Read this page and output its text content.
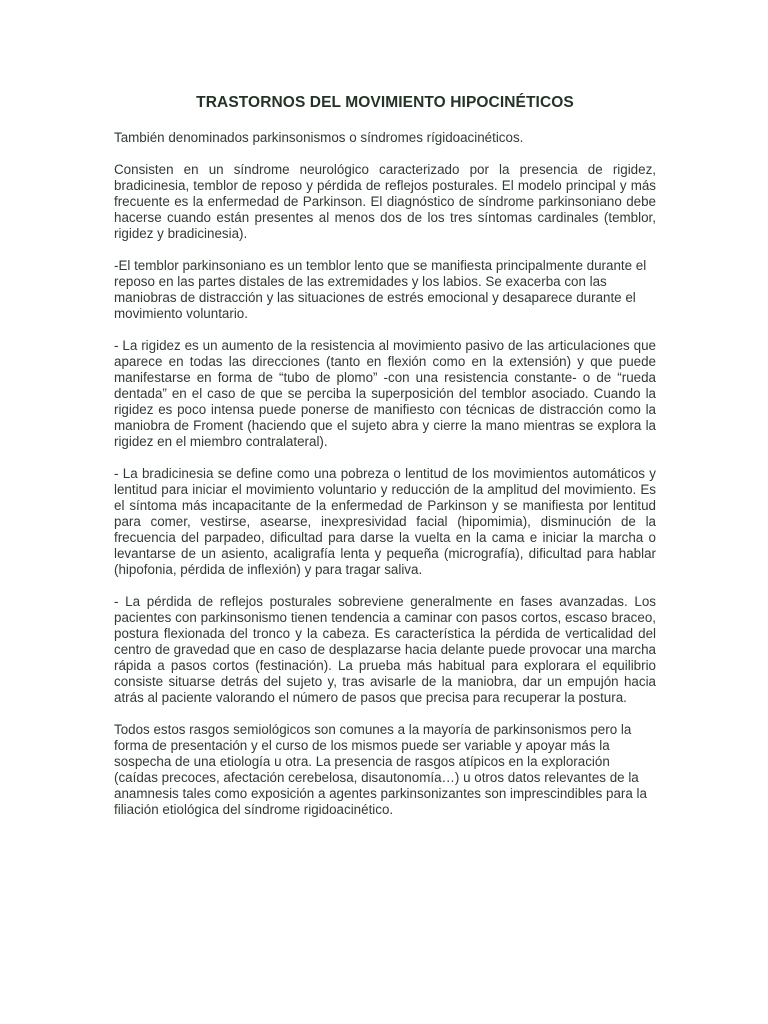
TRASTORNOS DEL MOVIMIENTO HIPOCINÉTICOS

También denominados parkinsonismos o síndromes rígidoacinéticos.

Consisten en un síndrome neurológico caracterizado por la presencia de rigidez, bradicinesia, temblor de reposo y pérdida de reflejos posturales. El modelo principal y más frecuente es la enfermedad de Parkinson. El diagnóstico de síndrome parkinsoniano debe hacerse cuando están presentes al menos dos de los tres síntomas cardinales (temblor, rigidez y bradicinesia).

-El temblor parkinsoniano es un temblor lento que se manifiesta principalmente durante el reposo en las partes distales de las extremidades y los labios. Se exacerba con las maniobras de distracción y las situaciones de estrés emocional y desaparece durante el movimiento voluntario.

- La rigidez es un aumento de la resistencia al movimiento pasivo de las articulaciones que aparece en todas las direcciones (tanto en flexión como en la extensión) y que puede manifestarse en forma de “tubo de plomo” -con una resistencia constante- o de “rueda dentada” en el caso de que se perciba la superposición del temblor asociado. Cuando la rigidez es poco intensa puede ponerse de manifiesto con técnicas de distracción como la maniobra de Froment (haciendo que el sujeto abra y cierre la mano mientras se explora la rigidez en el miembro contralateral).

- La bradicinesia se define como una pobreza o lentitud de los movimientos automáticos y lentitud para iniciar el movimiento voluntario y reducción de la amplitud del movimiento. Es el síntoma más incapacitante de la enfermedad de Parkinson y se manifiesta por lentitud para comer, vestirse, asearse, inexpresividad facial (hipomimia), disminución de la frecuencia del parpadeo, dificultad para darse la vuelta en la cama e iniciar la marcha o levantarse de un asiento, acaligrafía lenta y pequeña (micrografía), dificultad para hablar (hipofonia, pérdida de inflexión) y para tragar saliva.

- La pérdida de reflejos posturales sobreviene generalmente en fases avanzadas. Los pacientes con parkinsonismo tienen tendencia a caminar con pasos cortos, escaso braceo, postura flexionada del tronco y la cabeza. Es característica la pérdida de verticalidad del centro de gravedad que en caso de desplazarse hacia delante puede provocar una marcha rápida a pasos cortos (festinación). La prueba más habitual para explorara el equilibrio consiste situarse detrás del sujeto y, tras avisarle de la maniobra, dar un empujón hacia atrás al paciente valorando el número de pasos que precisa para recuperar la postura.

Todos estos rasgos semiológicos son comunes a la mayoría de parkinsonismos pero la forma de presentación y el curso de los mismos puede ser variable y apoyar más la sospecha de una etiología u otra. La presencia de rasgos atípicos en la exploración (caídas precoces, afectación cerebelosa, disautonomía…) u otros datos relevantes de la anamnesis tales como exposición a agentes parkinsonizantes son imprescindibles para la filiación etiológica del síndrome rigidoacinético.
